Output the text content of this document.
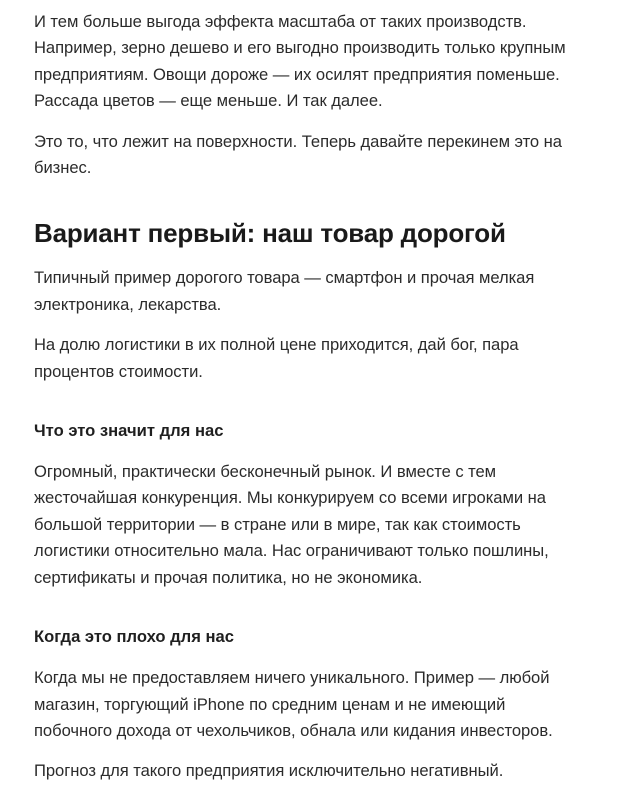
И тем больше выгода эффекта масштаба от таких производств.
Например, зерно дешево и его выгодно производить только крупным
предприятиям. Овощи дороже — их осилят предприятия поменьше.
Рассада цветов — еще меньше. И так далее.
Это то, что лежит на поверхности. Теперь давайте перекинем это на
бизнес.
Вариант первый: наш товар дорогой
Типичный пример дорогого товара — смартфон и прочая мелкая
электроника, лекарства.
На долю логистики в их полной цене приходится, дай бог, пара
процентов стоимости.
Что это значит для нас
Огромный, практически бесконечный рынок. И вместе с тем
жесточайшая конкуренция. Мы конкурируем со всеми игроками на
большой территории — в стране или в мире, так как стоимость
логистики относительно мала. Нас ограничивают только пошлины,
сертификаты и прочая политика, но не экономика.
Когда это плохо для нас
Когда мы не предоставляем ничего уникального. Пример — любой
магазин, торгующий iPhone по средним ценам и не имеющий
побочного дохода от чехольчиков, обнала или кидания инвесторов.
Прогноз для такого предприятия исключительно негативный.
